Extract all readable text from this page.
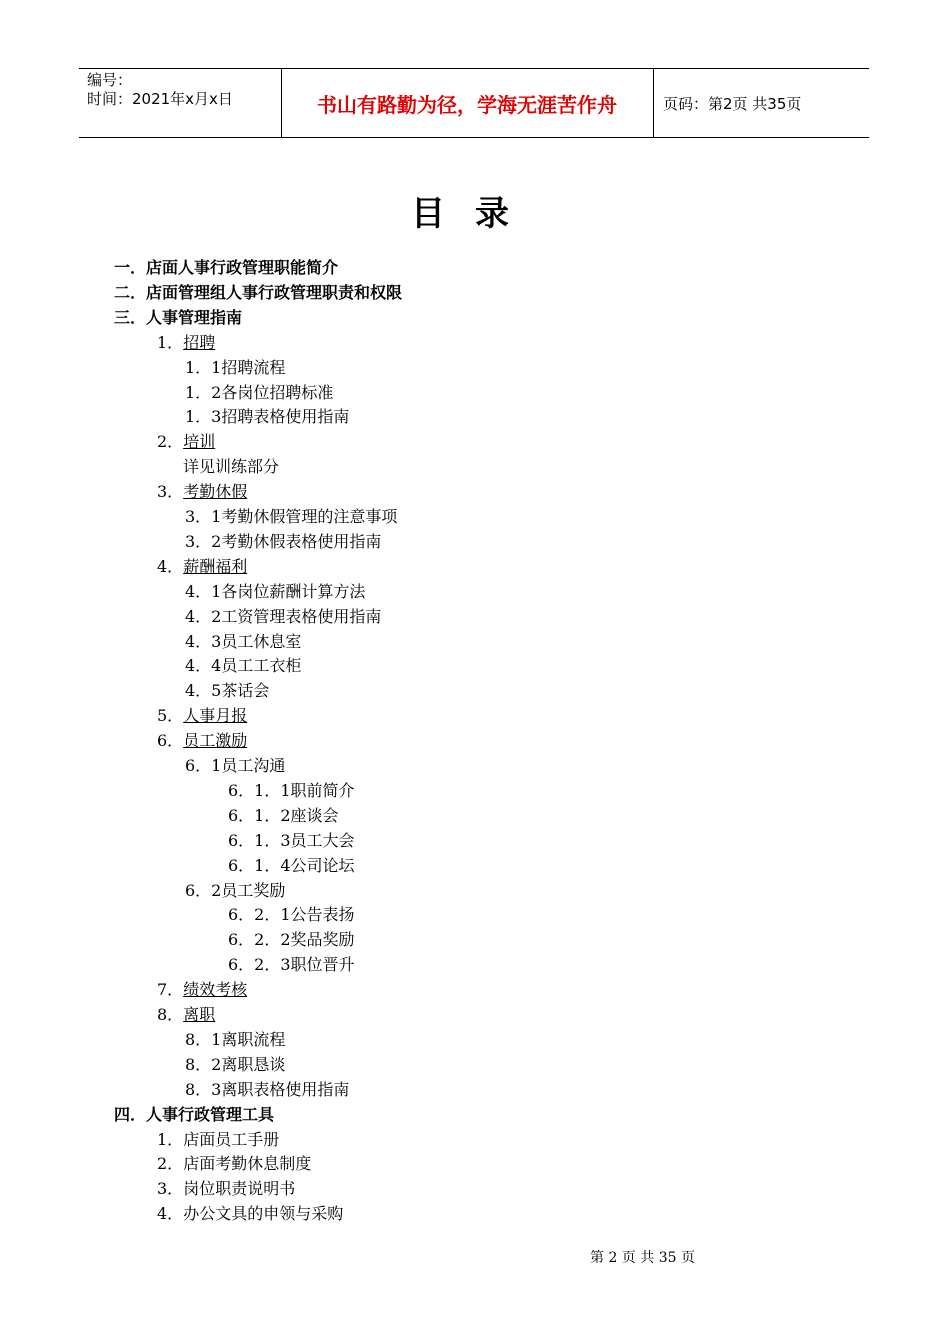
编号：
时间：2021年x月x日	书山有路勤为径，学海无涯苦作舟	页码：第2页 共35页
目录
一．店面人事行政管理职能简介
二．店面管理组人事行政管理职责和权限
三．人事管理指南
1．招聘
1．1招聘流程
1．2各岗位招聘标准
1．3招聘表格使用指南
2．培训
详见训练部分
3．考勤休假
3．1考勤休假管理的注意事项
3．2考勤休假表格使用指南
4．薪酬福利
4．1各岗位薪酬计算方法
4．2工资管理表格使用指南
4．3员工休息室
4．4员工工衣柜
4．5茶话会
5．人事月报
6．员工激励
6．1员工沟通
6．1．1职前简介
6．1．2座谈会
6．1．3员工大会
6．1．4公司论坛
6．2员工奖励
6．2．1公告表扬
6．2．2奖品奖励
6．2．3职位晋升
7．绩效考核
8．离职
8．1离职流程
8．2离职恳谈
8．3离职表格使用指南
四．人事行政管理工具
1．店面员工手册
2．店面考勤休息制度
3．岗位职责说明书
4．办公文具的申领与采购
第 2 页 共 35 页
